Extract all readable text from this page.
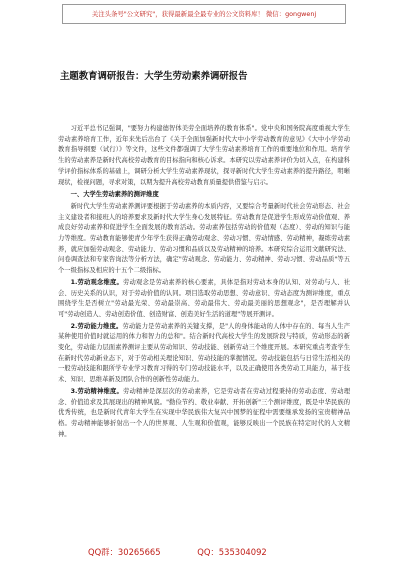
关注头条号"公文研究"，获得最新最全最专业的公文资料库！ 微信：gongwenj
主题教育调研报告：大学生劳动素养调研报告

习近平总书记强调，"要努力构建德智体美劳全面培养的教育体系"。党中央和国务院高度重视大学生劳动素养培育工作，近年来先后出台了《关于全面加强新时代大中小学劳动教育的意见》《大中小学劳动教育指导纲要（试行）》等文件，这些文件都强调了大学生劳动素养培育工作的重要地位和作用。培育学生的劳动素养是新时代高校劳动教育的目标指向和核心诉求。本研究以劳动素养评价为切入点，在构建科学评价指标体系的基础上，调研分析大学生劳动素养现状，探寻新时代大学生劳动素养的提升路径，明晰现状，检视问题，寻求对策，以期为提升高校劳动教育质量提供借鉴与启示。

一、大学生劳动素养的测评维度

新时代大学生劳动素养测评要根据于劳动素养的本质内容，又要综合考量新时代社会劳动形态、社会主义建设者和接班人的培养要求及新时代大学生身心发展特征。劳动教育是促进学生形成劳动价值观、养成良好劳动素养和促进学生全面发展的教育活动。劳动素养包括劳动的价值观（态度）、劳动的知识与能力等维度。劳动教育能够使青少年学生获得正确劳动观念、劳动习惯、劳动情感、劳动精神，凝练劳动素养，就应加强劳动观念、劳动能力、劳动习惯和品质以及劳动精神的培养。本研究综合运用文献研究法、问卷调查法和专家咨询法等分析方法，确定"劳动观念、劳动能力、劳动精神、劳动习惯、劳动品质"等五个一级指标及相应的十五个二级指标。

1.劳动观念维度。劳动观念是劳动素养的核心要素，具体是指对劳动本身的认知、对劳动与人、社会、历史关系的认识，对于劳动价值的认同。项目选取劳动思想、劳动意识、劳动态度为测评维度，重点围绕学生是否树立"劳动最光荣、劳动最崇高、劳动最伟大、劳动最美丽的思想观念"，是否理解并认可"劳动创造人、劳动创造价值、创造财富、创造美好生活的道理"等展开测评。

2.劳动能力维度。劳动能力是劳动素养的关键支撑，是"人的身体能动的人体中存在的、每当人生产某种使用价值时就运用的体力和智力的总和"。结合新时代高校大学生的发展阶段与特质，劳动形态的新变化，劳动能力层面素养测评主要从劳动知识、劳动技能、创新劳动三个维度开展。本研究重点考查学生在新时代劳动新业态下，对于劳动相关理论知识、劳动技能的掌握情况。劳动技能包括与日常生活相关的一般劳动技能和跟所学专业学习教育习得的专门劳动技能水平，以及正确使用各类劳动工具能力，基于技术、知识、思维革新及团队合作的创新性劳动能力。

3.劳动精神维度。劳动精神是深层次的劳动素养，它是劳动者在劳动过程秉持的劳动态度、劳动理念、价值追求及其展现出的精神风貌。"勤俭节约、敬业奉献、开拓创新"三个测评维度，既是中华民族的优秀传统，也是新时代青年大学生在实现中华民族伟大复兴中国梦的征程中需要继承发扬的宝贵精神品格。劳动精神能够折射出一个人的世界观、人生观和价值观，能够反映出一个民族在特定时代的人文精神。

QQ群：30265665	QQ：535304092
